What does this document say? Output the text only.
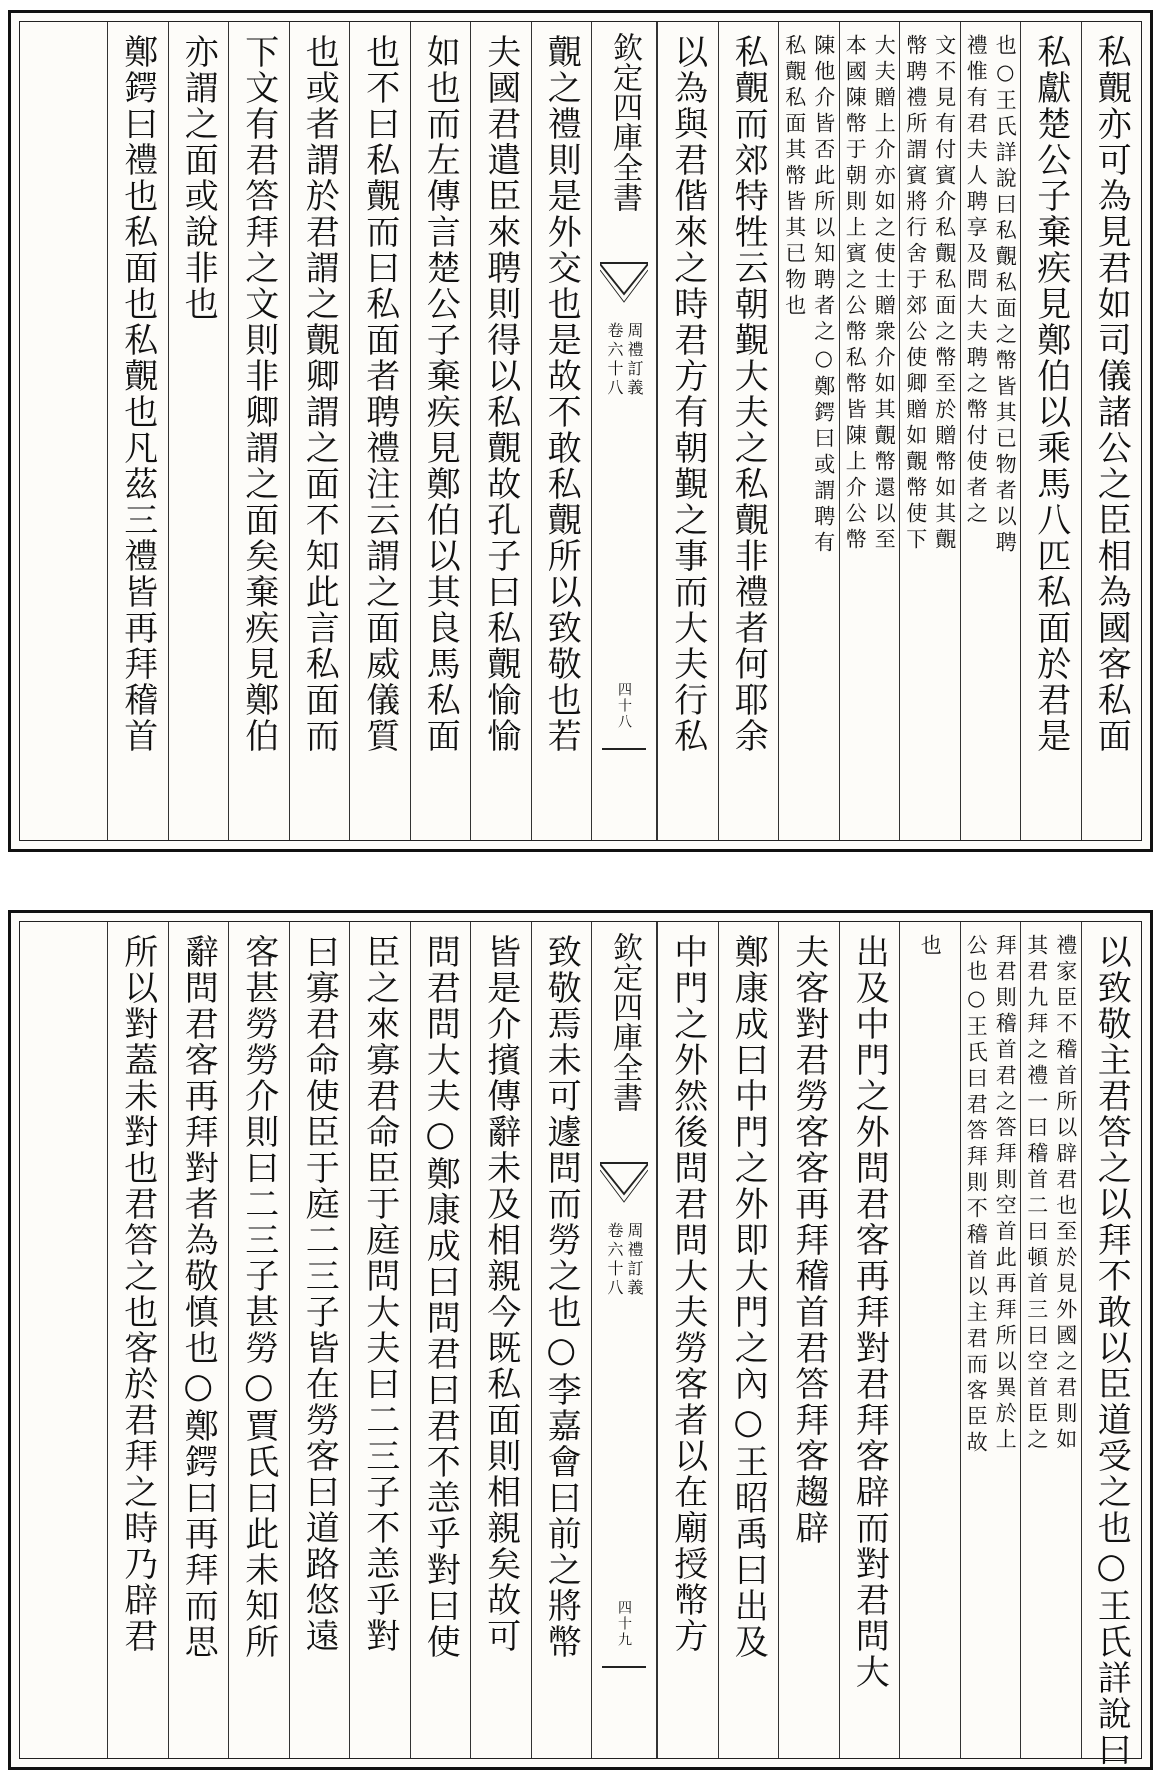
私覿亦可為見君如司儀諸公之臣相為國客私面
私獻楚公子棄疾見鄭伯以乘馬八匹私面於君是
也○王氏詳說曰私覿私面之幣皆其已物者以聘
禮惟有君夫人聘享及問大夫聘之幣付使者之
文不見有付賓介私覿私面之幣至於贈幣如其覿
幣聘禮所謂賓將行舍于郊公使卿贈如覿幣使下
大夫贈上介亦如之使士贈衆介如其覿幣還以至
本國陳幣于朝則上賓之公幣私幣皆陳上介公幣
陳他介皆否此所以知聘者之○鄭鍔曰或謂聘有
私覿私面其幣皆其已物也
私覿而郊特牲云朝覲大夫之私覿非禮者何耶余
以為與君偕來之時君方有朝覲之事而大夫行私
欽定四庫全書
周禮訂義
卷六十八
四十八
覿之禮則是外交也是故不敢私覿所以致敬也若
夫國君遣臣來聘則得以私覿故孔子曰私覿愉愉
如也而左傳言楚公子棄疾見鄭伯以其良馬私面
也不曰私覿而曰私面者聘禮注云謂之面威儀質
也或者謂於君謂之覿卿謂之面不知此言私面而
下文有君答拜之文則非卿謂之面矣棄疾見鄭伯
亦謂之面或說非也
鄭鍔曰禮也私面也私覿也凡茲三禮皆再拜稽首
以致敬主君答之以拜不敢以臣道受之也○王氏詳說曰
禮家臣不稽首所以辟君也至於見外國之君則如
其君九拜之禮一曰稽首二曰頓首三曰空首臣之
拜君則稽首君之答拜則空首此再拜所以異於上
公也○王氏曰君答拜則不稽首以主君而客臣故
也
出及中門之外問君客再拜對君拜客辟而對君問大
夫客對君勞客客再拜稽首君答拜客趨辟
鄭康成曰中門之外即大門之內○王昭禹曰出及
中門之外然後問君問大夫勞客者以在廟授幣方
欽定四庫全書
周禮訂義
卷六十八
四十九
致敬焉未可遽問而勞之也○李嘉會曰前之將幣
皆是介擯傳辭未及相親今既私面則相親矣故可
問君問大夫○鄭康成曰問君曰君不恙乎對曰使
臣之來寡君命臣于庭問大夫曰二三子不恙乎對
曰寡君命使臣于庭二三子皆在勞客曰道路悠遠
客甚勞勞介則曰二三子甚勞○賈氏曰此未知所
辭問君客再拜對者為敬慎也○鄭鍔曰再拜而思
所以對蓋未對也君答之也客於君拜之時乃辟君
